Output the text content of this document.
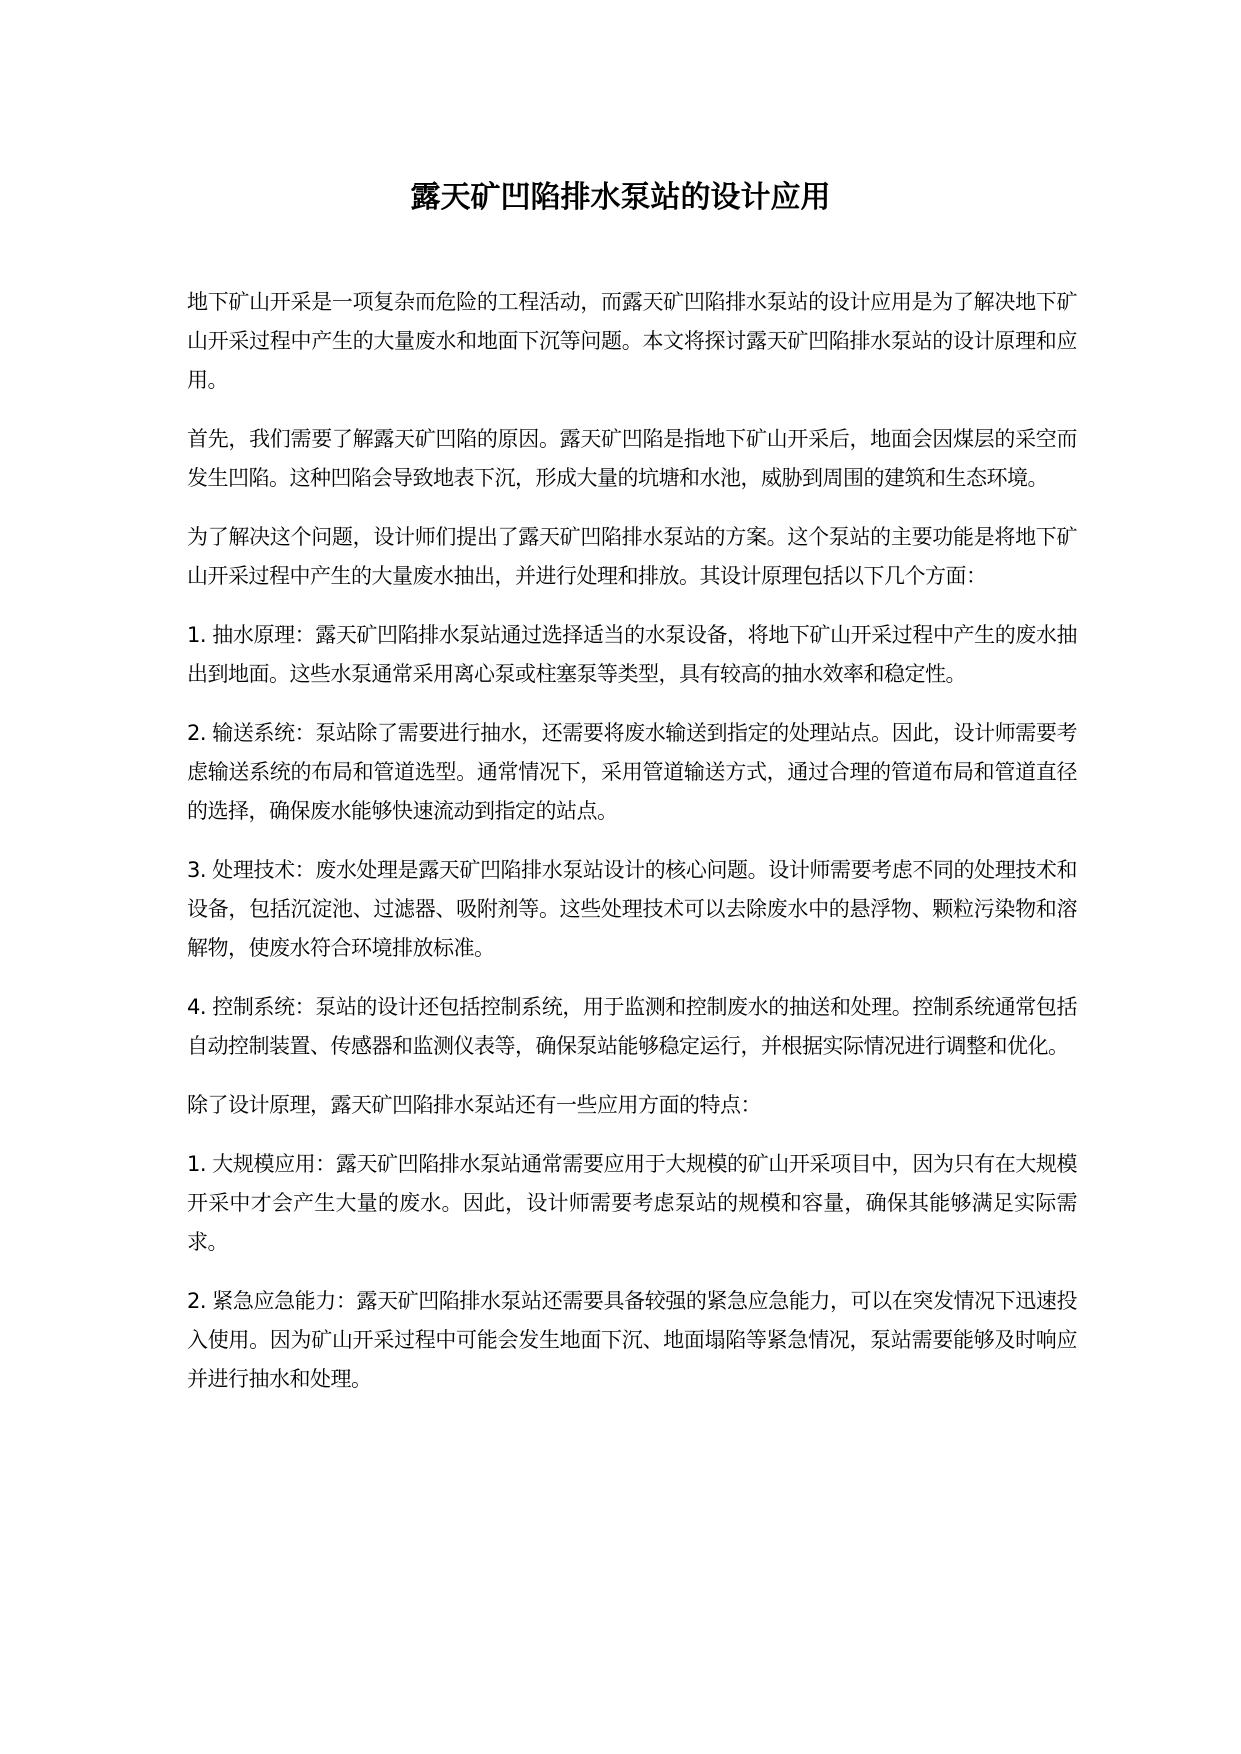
露天矿凹陷排水泵站的设计应用

地下矿山开采是一项复杂而危险的工程活动，而露天矿凹陷排水泵站的设计应用是为了解决地下矿山开采过程中产生的大量废水和地面下沉等问题。本文将探讨露天矿凹陷排水泵站的设计原理和应用。

首先，我们需要了解露天矿凹陷的原因。露天矿凹陷是指地下矿山开采后，地面会因煤层的采空而发生凹陷。这种凹陷会导致地表下沉，形成大量的坑塘和水池，威胁到周围的建筑和生态环境。

为了解决这个问题，设计师们提出了露天矿凹陷排水泵站的方案。这个泵站的主要功能是将地下矿山开采过程中产生的大量废水抽出，并进行处理和排放。其设计原理包括以下几个方面：

1. 抽水原理：露天矿凹陷排水泵站通过选择适当的水泵设备，将地下矿山开采过程中产生的废水抽出到地面。这些水泵通常采用离心泵或柱塞泵等类型，具有较高的抽水效率和稳定性。

2. 输送系统：泵站除了需要进行抽水，还需要将废水输送到指定的处理站点。因此，设计师需要考虑输送系统的布局和管道选型。通常情况下，采用管道输送方式，通过合理的管道布局和管道直径的选择，确保废水能够快速流动到指定的站点。

3. 处理技术：废水处理是露天矿凹陷排水泵站设计的核心问题。设计师需要考虑不同的处理技术和设备，包括沉淀池、过滤器、吸附剂等。这些处理技术可以去除废水中的悬浮物、颗粒污染物和溶解物，使废水符合环境排放标准。

4. 控制系统：泵站的设计还包括控制系统，用于监测和控制废水的抽送和处理。控制系统通常包括自动控制装置、传感器和监测仪表等，确保泵站能够稳定运行，并根据实际情况进行调整和优化。

除了设计原理，露天矿凹陷排水泵站还有一些应用方面的特点：

1. 大规模应用：露天矿凹陷排水泵站通常需要应用于大规模的矿山开采项目中，因为只有在大规模开采中才会产生大量的废水。因此，设计师需要考虑泵站的规模和容量，确保其能够满足实际需求。

2. 紧急应急能力：露天矿凹陷排水泵站还需要具备较强的紧急应急能力，可以在突发情况下迅速投入使用。因为矿山开采过程中可能会发生地面下沉、地面塌陷等紧急情况，泵站需要能够及时响应并进行抽水和处理。
